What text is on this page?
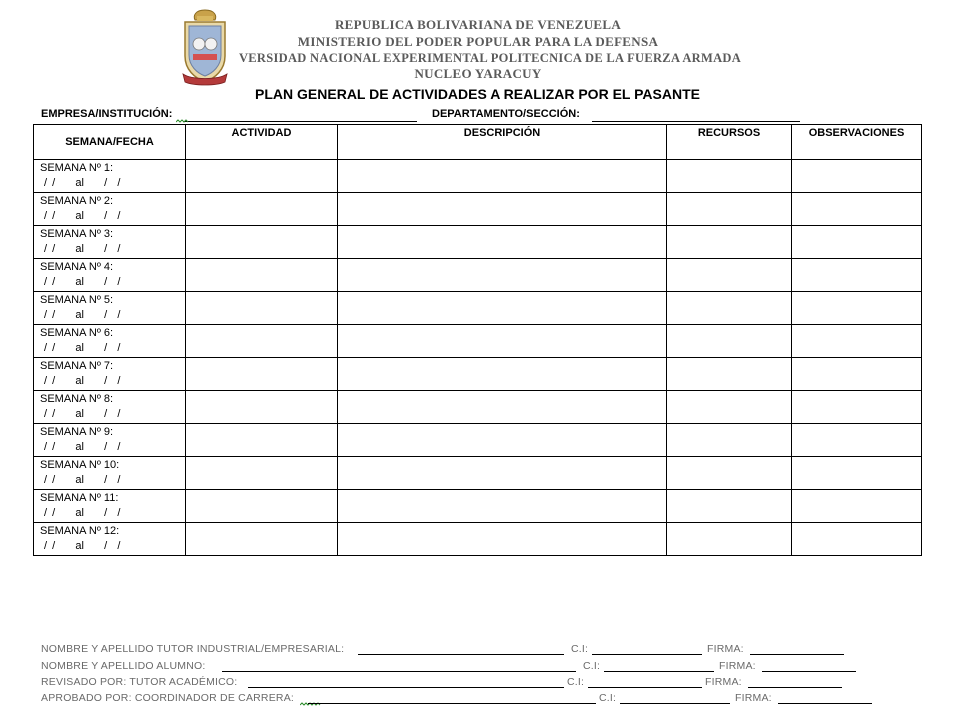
REPUBLICA BOLIVARIANA DE VENEZUELA
MINISTERIO DEL PODER POPULAR PARA LA DEFENSA
VERSIDAD NACIONAL EXPERIMENTAL POLITECNICA DE LA FUERZA ARMADA
NUCLEO YARACUY
PLAN GENERAL DE ACTIVIDADES A REALIZAR POR EL PASANTE
EMPRESA/INSTITUCIÓN:	DEPARTAMENTO/SECCIÓN:
SEMANA/FECHA	ACTIVIDAD	DESCRIPCIÓN	RECURSOS	OBSERVACIONES
SEMANA Nº 1:
/ /    al    /  /				

SEMANA Nº 2:
/ /    al    /  /				

SEMANA Nº 3:
/ /    al    /  /				

SEMANA Nº 4:
/ /    al    /  /				

SEMANA Nº 5:
/ /    al    /  /				

SEMANA Nº 6:
/ /    al    /  /				

SEMANA Nº 7:
/ /    al    /  /				

SEMANA Nº 8:
/ /    al    /  /				

SEMANA Nº 9:
/ /    al    /  /				

SEMANA Nº 10:
/ /    al    /  /				

SEMANA Nº 11:
/ /    al    /  /				

SEMANA Nº 12:
/ /    al    /  /				

NOMBRE Y APELLIDO TUTOR INDUSTRIAL/EMPRESARIAL:	C.I:	FIRMA:
NOMBRE Y APELLIDO ALUMNO:	C.I:	FIRMA:
REVISADO POR: TUTOR ACADÉMICO:	C.I:	FIRMA:
APROBADO POR: COORDINADOR DE CARRERA:	C.I:	FIRMA:
